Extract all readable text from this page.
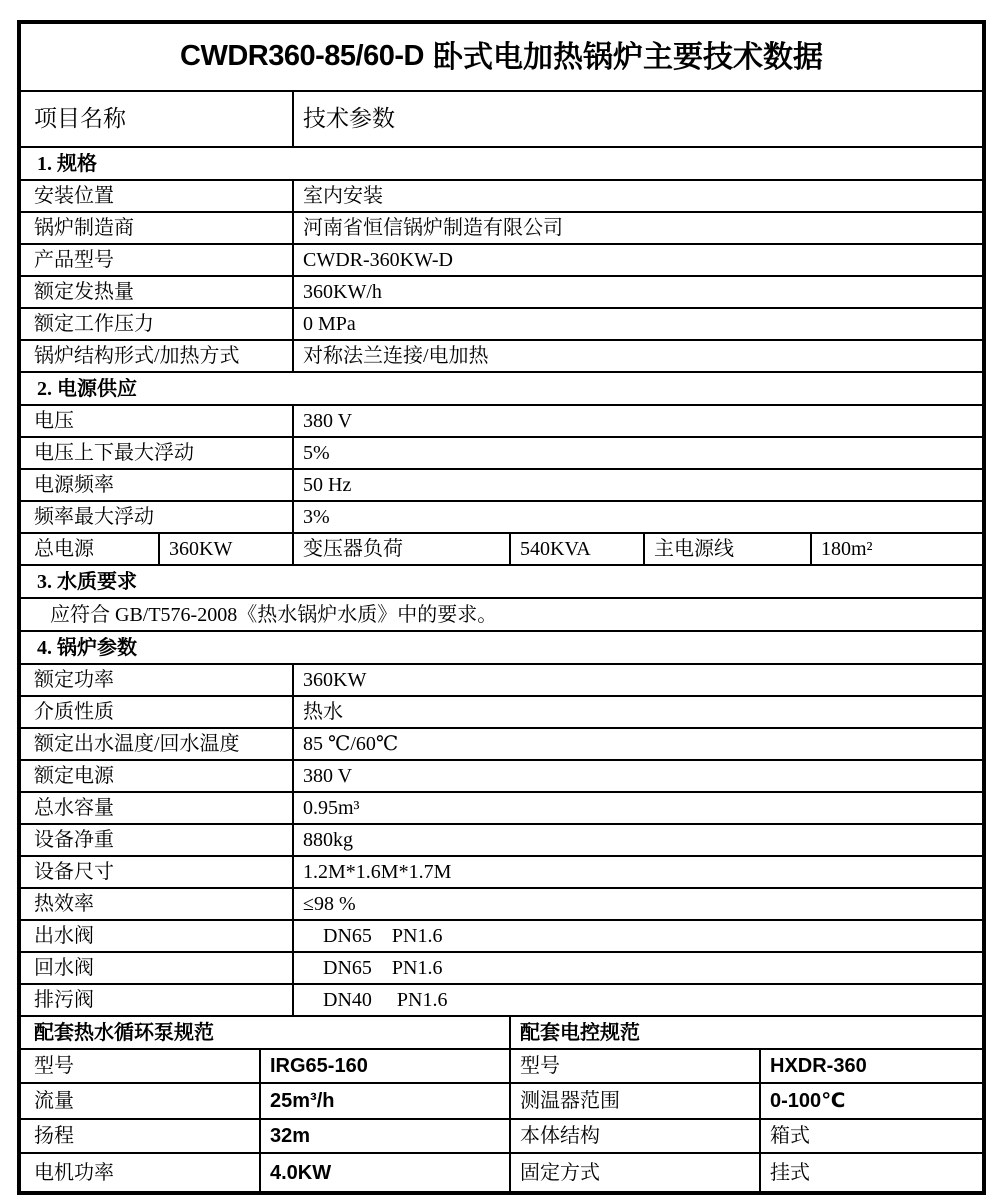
CWDR360-85/60-D 卧式电加热锅炉主要技术数据
项目名称	技术参数
1. 规格
安装位置	室内安装
锅炉制造商	河南省恒信锅炉制造有限公司
产品型号	CWDR-360KW-D
额定发热量	360KW/h
额定工作压力	0 MPa
锅炉结构形式/加热方式	对称法兰连接/电加热
2. 电源供应
电压	380 V
电压上下最大浮动	5%
电源频率	50 Hz
频率最大浮动	3%
总电源	360KW	变压器负荷	540KVA	主电源线	180m²
3. 水质要求
应符合 GB/T576-2008《热水锅炉水质》中的要求。
4. 锅炉参数
额定功率	360KW
介质性质	热水
额定出水温度/回水温度	85 ℃/60℃
额定电源	380 V
总水容量	0.95m³
设备净重	880kg
设备尺寸	1.2M*1.6M*1.7M
热效率	≤98 %
出水阀	DN65    PN1.6
回水阀	DN65    PN1.6
排污阀	DN40     PN1.6
配套热水循环泵规范	配套电控规范
型号	IRG65-160	型号	HXDR-360
流量	25m³/h	测温器范围	0-100℃
扬程	32m	本体结构	箱式
电机功率	4.0KW	固定方式	挂式
